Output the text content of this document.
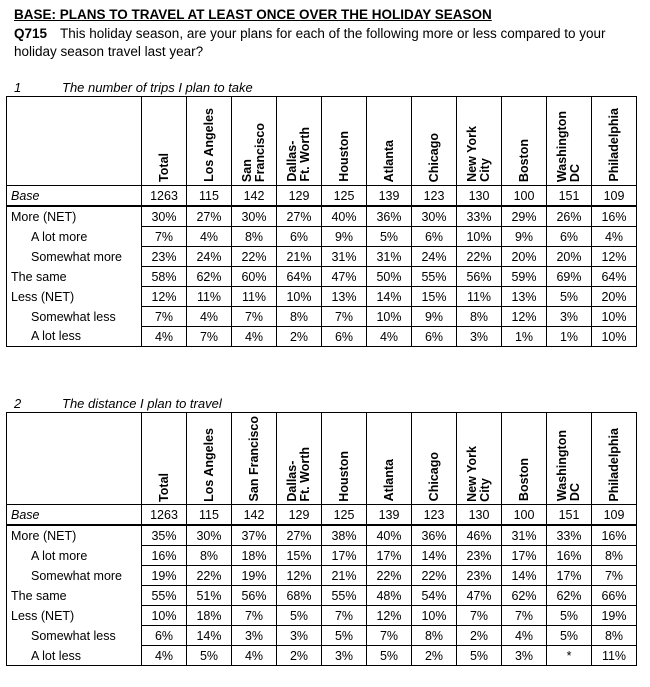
BASE: PLANS TO TRAVEL AT LEAST ONCE OVER THE HOLIDAY SEASON
Q715 This holiday season, are your plans for each of the following more or less compared to your
holiday season travel last year?
1	The number of trips I plan to take

	Total	Los Angeles	San
Francisco	Dallas-
Ft. Worth	Houston	Atlanta	Chicago	New York
City	Boston	Washington
DC	Philadelphia

Base	1263	115	142	129	125	139	123	130	100	151	109
More (NET)	30%	27%	30%	27%	40%	36%	30%	33%	29%	26%	16%
A lot more	7%	4%	8%	6%	9%	5%	6%	10%	9%	6%	4%
Somewhat more	23%	24%	22%	21%	31%	31%	24%	22%	20%	20%	12%
The same	58%	62%	60%	64%	47%	50%	55%	56%	59%	69%	64%
Less (NET)	12%	11%	11%	10%	13%	14%	15%	11%	13%	5%	20%
Somewhat less	7%	4%	7%	8%	7%	10%	9%	8%	12%	3%	10%
A lot less	4%	7%	4%	2%	6%	4%	6%	3%	1%	1%	10%
2	The distance I plan to travel

	Total	Los Angeles	San Francisco	Dallas-
Ft. Worth	Houston	Atlanta	Chicago	New York
City	Boston	Washington
DC	Philadelphia

Base	1263	115	142	129	125	139	123	130	100	151	109
More (NET)	35%	30%	37%	27%	38%	40%	36%	46%	31%	33%	16%
A lot more	16%	8%	18%	15%	17%	17%	14%	23%	17%	16%	8%
Somewhat more	19%	22%	19%	12%	21%	22%	22%	23%	14%	17%	7%
The same	55%	51%	56%	68%	55%	48%	54%	47%	62%	62%	66%
Less (NET)	10%	18%	7%	5%	7%	12%	10%	7%	7%	5%	19%
Somewhat less	6%	14%	3%	3%	5%	7%	8%	2%	4%	5%	8%
A lot less	4%	5%	4%	2%	3%	5%	2%	5%	3%	*	11%
